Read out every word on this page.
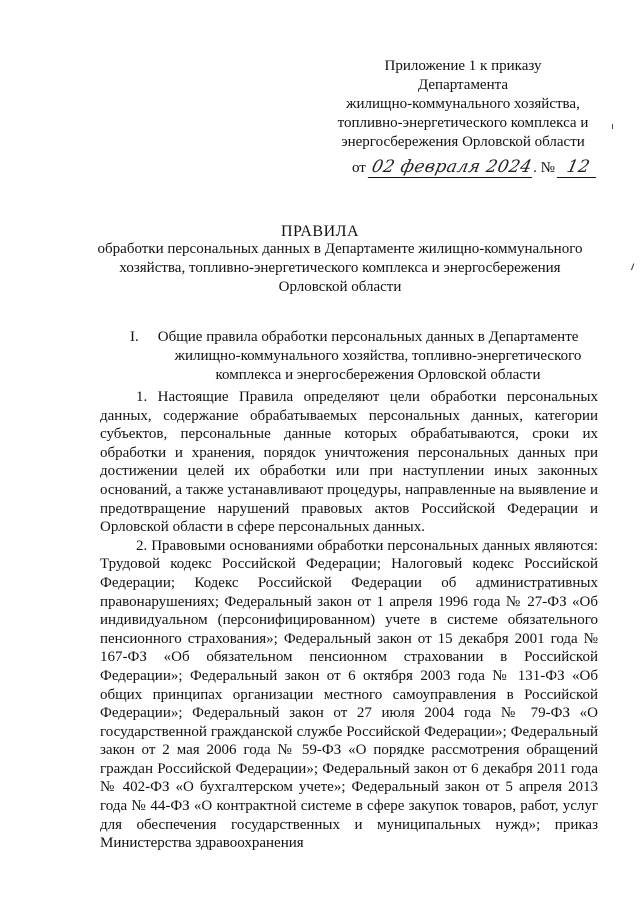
Приложение 1 к приказу
Департамента
жилищно-коммунального хозяйства,
топливно-энергетического комплекса и
энергосбережения Орловской области
от 02 февраля 2024. № 12
ПРАВИЛА
обработки персональных данных в Департаменте жилищно-коммунального
хозяйства, топливно-энергетического комплекса и энергосбережения
Орловской области
I. Общие правила обработки персональных данных в Департаменте
жилищно-коммунального хозяйства, топливно-энергетического
комплекса и энергосбережения Орловской области

1. Настоящие Правила определяют цели обработки персональных данных, содержание обрабатываемых персональных данных, категории субъектов, персональные данные которых обрабатываются, сроки их обработки и хранения, порядок уничтожения персональных данных при достижении целей их обработки или при наступлении иных законных оснований, а также устанавливают процедуры, направленные на выявление и предотвращение нарушений правовых актов Российской Федерации и Орловской области в сфере персональных данных.

2. Правовыми основаниями обработки персональных данных являются: Трудовой кодекс Российской Федерации; Налоговый кодекс Российской Федерации; Кодекс Российской Федерации об административных правонарушениях; Федеральный закон от 1 апреля 1996 года № 27-ФЗ «Об индивидуальном (персонифицированном) учете в системе обязательного пенсионного страхования»; Федеральный закон от 15 декабря 2001 года № 167-ФЗ «Об обязательном пенсионном страховании в Российской Федерации»; Федеральный закон от 6 октября 2003 года № 131-ФЗ «Об общих принципах организации местного самоуправления в Российской Федерации»; Федеральный закон от 27 июля 2004 года № 79-ФЗ «О государственной гражданской службе Российской Федерации»; Федеральный закон от 2 мая 2006 года № 59-ФЗ «О порядке рассмотрения обращений граждан Российской Федерации»; Федеральный закон от 6 декабря 2011 года № 402-ФЗ «О бухгалтерском учете»; Федеральный закон от 5 апреля 2013 года № 44-ФЗ «О контрактной системе в сфере закупок товаров, работ, услуг для обеспечения государственных и муниципальных нужд»; приказ Министерства здравоохранения
